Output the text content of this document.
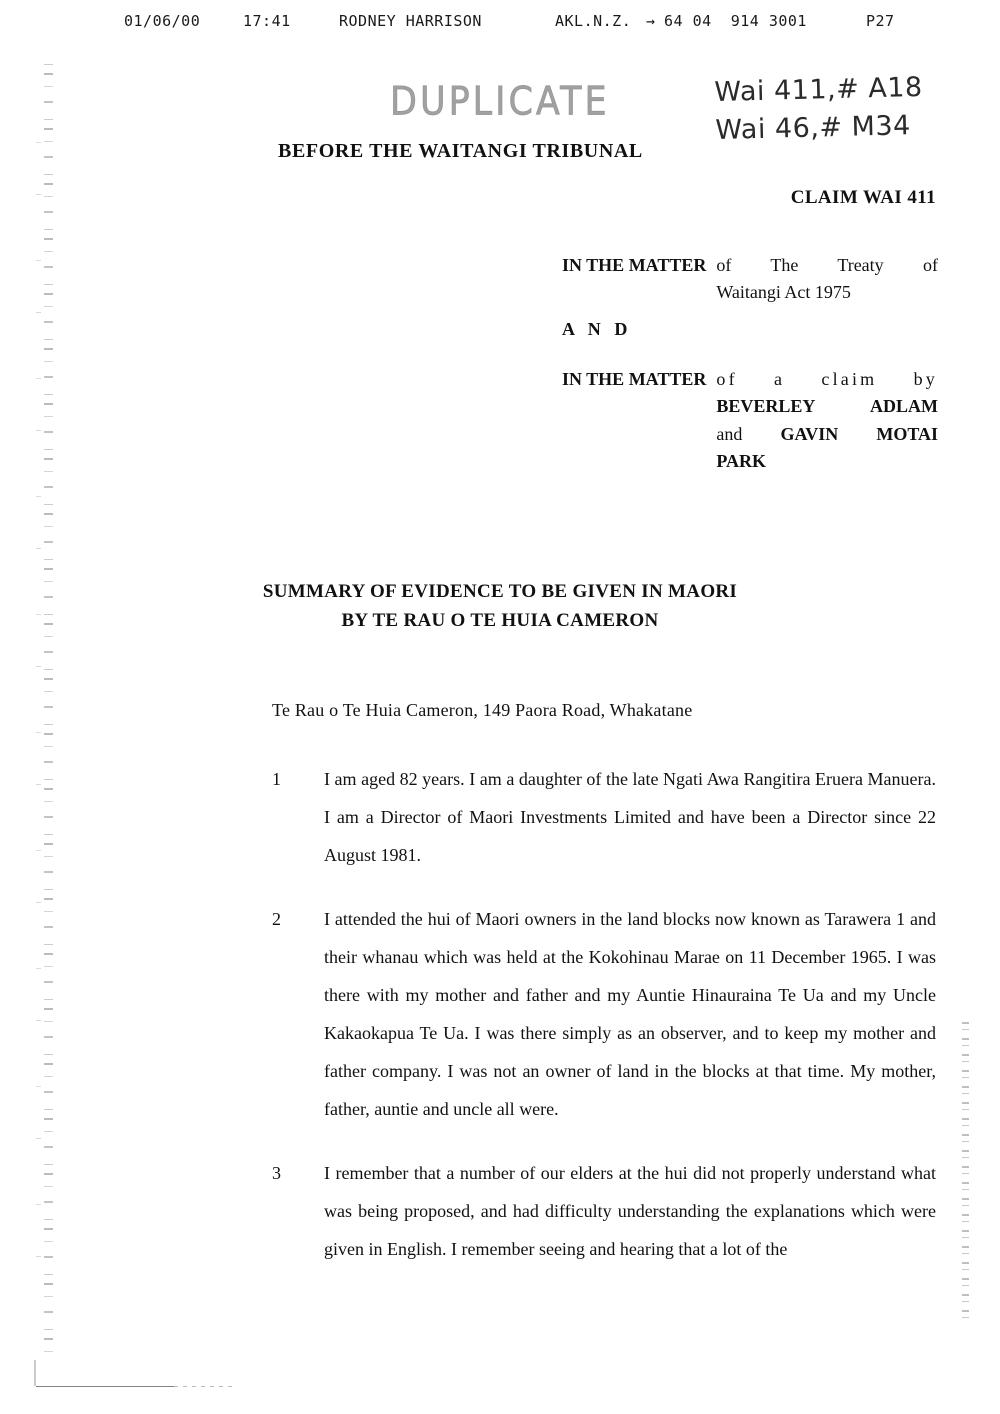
01/06/00

	17:41

	RODNEY HARRISON

	AKL.N.Z.

→

64 04  914 3001

	P27

DUPLICATE	Wai 411,# A18
Wai 46,# M34
BEFORE THE WAITANGI TRIBUNAL
CLAIM WAI 411
IN THE MATTER of The Treaty of
Waitangi Act 1975
A N D
IN THE MATTER of a claim by
BEVERLEY ADLAM
and GAVIN MOTAI
PARK
SUMMARY OF EVIDENCE TO BE GIVEN IN MAORI
BY TE RAU O TE HUIA CAMERON
Te Rau o Te Huia Cameron, 149 Paora Road, Whakatane
1 I am aged 82 years. I am a daughter of the late Ngati Awa Rangitira Eruera Manuera. I am a Director of Maori Investments Limited and have been a Director since 22 August 1981.
2 I attended the hui of Maori owners in the land blocks now known as Tarawera 1 and their whanau which was held at the Kokohinau Marae on 11 December 1965. I was there with my mother and father and my Auntie Hinauraina Te Ua and my Uncle Kakaokapua Te Ua. I was there simply as an observer, and to keep my mother and father company. I was not an owner of land in the blocks at that time. My mother, father, auntie and uncle all were.
3 I remember that a number of our elders at the hui did not properly understand what was being proposed, and had difficulty understanding the explanations which were given in English. I remember seeing and hearing that a lot of the
